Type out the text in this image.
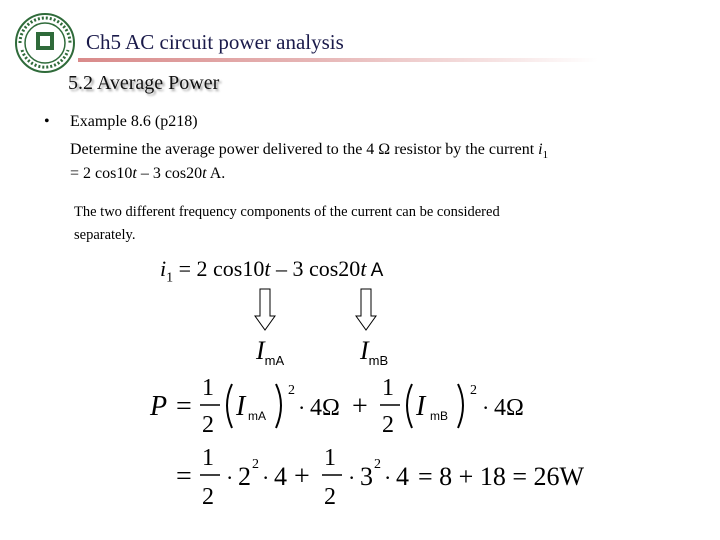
Ch5 AC circuit power analysis
5.2 Average Power
• Example 8.6 (p218)
Determine the average power delivered to the 4 Ω resistor by the current $i_1$
= 2 cos10t – 3 cos20t A.
The two different frequency components of the current can be considered
separately.
$i_1 = 2$ cos10t – 3 cos20t A
$I_{mA}$	$I_{mB}$
P =
1
2
I mA
2
· 4Ω +
1
2
I mB
2
· 4Ω
=
1
2
· 2 2
· 4 +
1
2
· 3 2
· 4 = 8 + 18 = 26W
